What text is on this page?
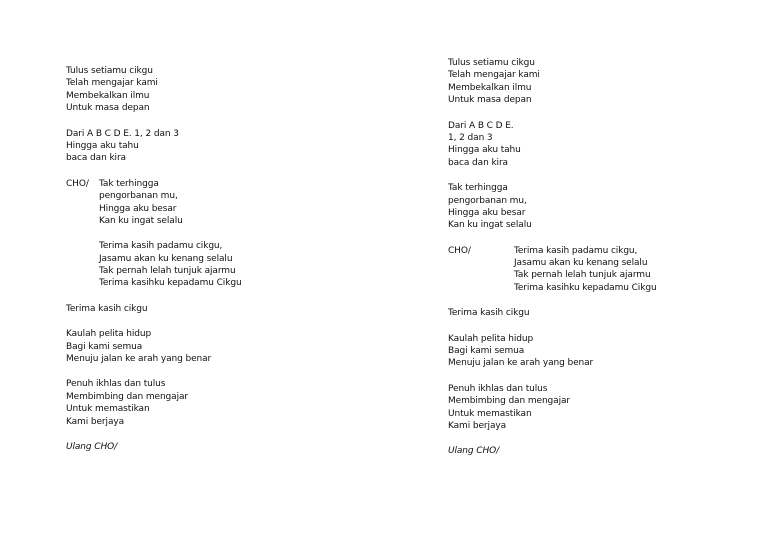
Tulus setiamu cikgu
Telah mengajar kami
Membekalkan ilmu
Untuk masa depan
Dari A B C D E. 1, 2 dan 3
Hingga aku tahu
baca dan kira
CHO/	Tak terhingga
pengorbanan mu,
Hingga aku besar
Kan ku ingat selalu
Terima kasih padamu cikgu,
Jasamu akan ku kenang selalu
Tak pernah lelah tunjuk ajarmu
Terima kasihku kepadamu Cikgu
Terima kasih cikgu
Kaulah pelita hidup
Bagi kami semua
Menuju jalan ke arah yang benar
Penuh ikhlas dan tulus
Membimbing dan mengajar
Untuk memastikan
Kami berjaya
Ulang CHO/
Tulus setiamu cikgu
Telah mengajar kami
Membekalkan ilmu
Untuk masa depan
Dari A B C D E.
1, 2 dan 3
Hingga aku tahu
baca dan kira
Tak terhingga
pengorbanan mu,
Hingga aku besar
Kan ku ingat selalu
CHO/	Terima kasih padamu cikgu,
Jasamu akan ku kenang selalu
Tak pernah lelah tunjuk ajarmu
Terima kasihku kepadamu Cikgu
Terima kasih cikgu
Kaulah pelita hidup
Bagi kami semua
Menuju jalan ke arah yang benar
Penuh ikhlas dan tulus
Membimbing dan mengajar
Untuk memastikan
Kami berjaya
Ulang CHO/
